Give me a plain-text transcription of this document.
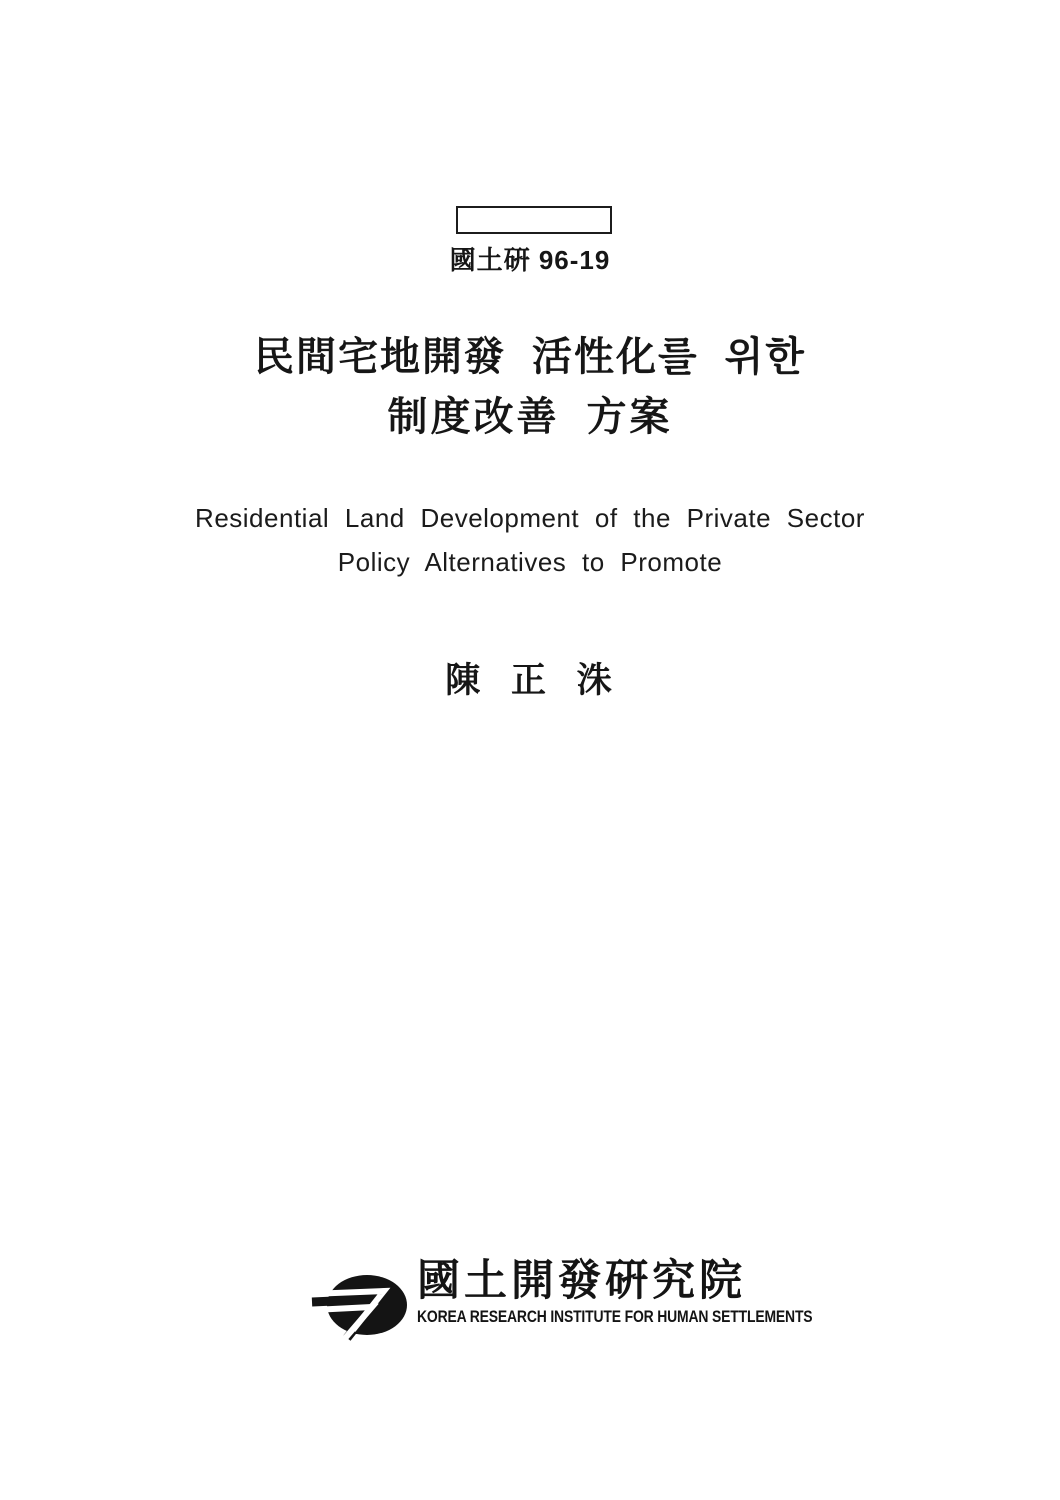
國土硏 96-19
民間宅地開發 活性化를 위한
制度改善 方案
Residential Land Development of the Private Sector
Policy Alternatives to Promote
陳 正 洙
國土開發硏究院
KOREA RESEARCH INSTITUTE FOR HUMAN SETTLEMENTS
